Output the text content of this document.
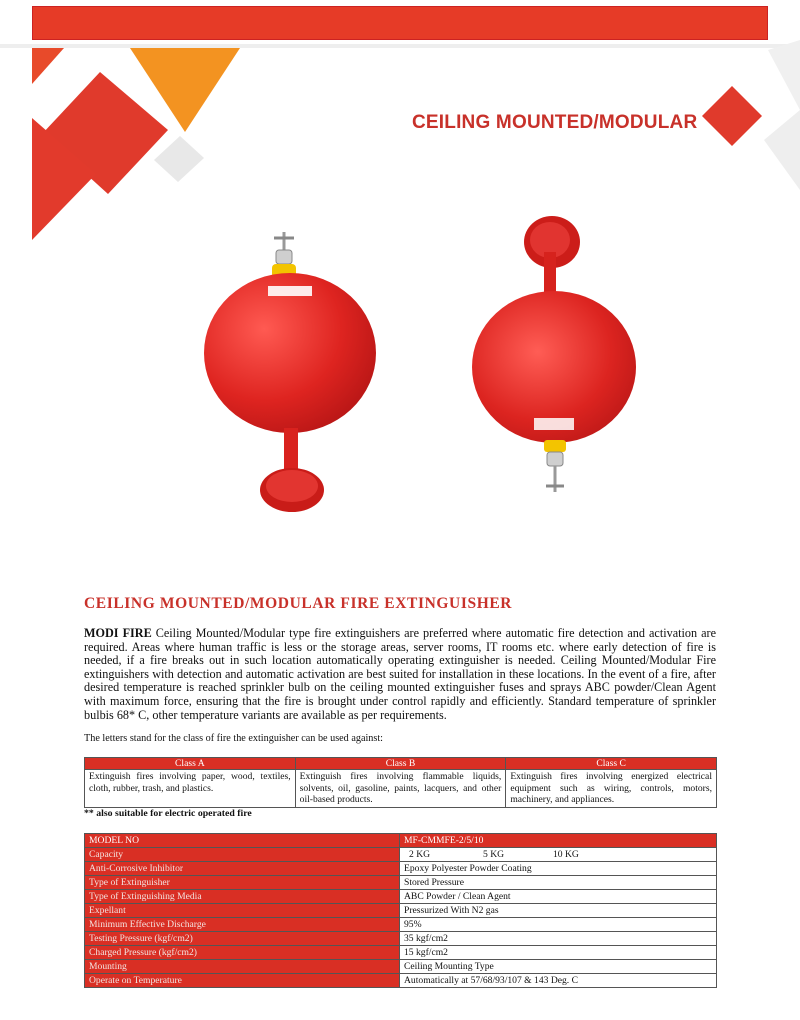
CEILING MOUNTED/MODULAR
CEILING MOUNTED/MODULAR FIRE EXTINGUISHER
MODI FIRE Ceiling Mounted/Modular type fire extinguishers are preferred where automatic fire detection and activation are required. Areas where human traffic is less or the storage areas, server rooms, IT rooms etc. where early detection of fire is needed, if a fire breaks out in such location automatically operating extinguisher is needed. Ceiling Mounted/Modular Fire extinguishers with detection and automatic activation are best suited for installation in these locations. In the event of a fire, after desired temperature is reached sprinkler bulb on the ceiling mounted extinguisher fuses and sprays ABC powder/Clean Agent with maximum force, ensuring that the fire is brought under control rapidly and efficiently. Standard temperature of sprinkler bulbis 68* C, other temperature variants are available as per requirements.
The letters stand for the class of fire the extinguisher can be used against:
Class A	Class B	Class C
Extinguish fires involving paper, wood, textiles, cloth, rubber, trash, and plastics.	Extinguish fires involving flammable liquids, solvents, oil, gasoline, paints, lacquers, and other oil-based products.	Extinguish fires involving energized electrical equipment such as wiring, controls, motors, machinery, and appliances.
** also suitable for electric operated fire
MODEL NO	MF-CMMFE-2/5/10
Capacity	2 KG 5 KG 10 KG
Anti-Corrosive Inhibitor	Epoxy Polyester Powder Coating
Type of Extinguisher	Stored Pressure
Type of Extinguishing Media	ABC Powder / Clean Agent
Expellant	Pressurized With N2 gas
Minimum Effective Discharge	95%
Testing Pressure (kgf/cm2)	35 kgf/cm2
Charged Pressure (kgf/cm2)	15 kgf/cm2
Mounting	Ceiling Mounting Type
Operate on Temperature	Automatically at 57/68/93/107 & 143 Deg. C
